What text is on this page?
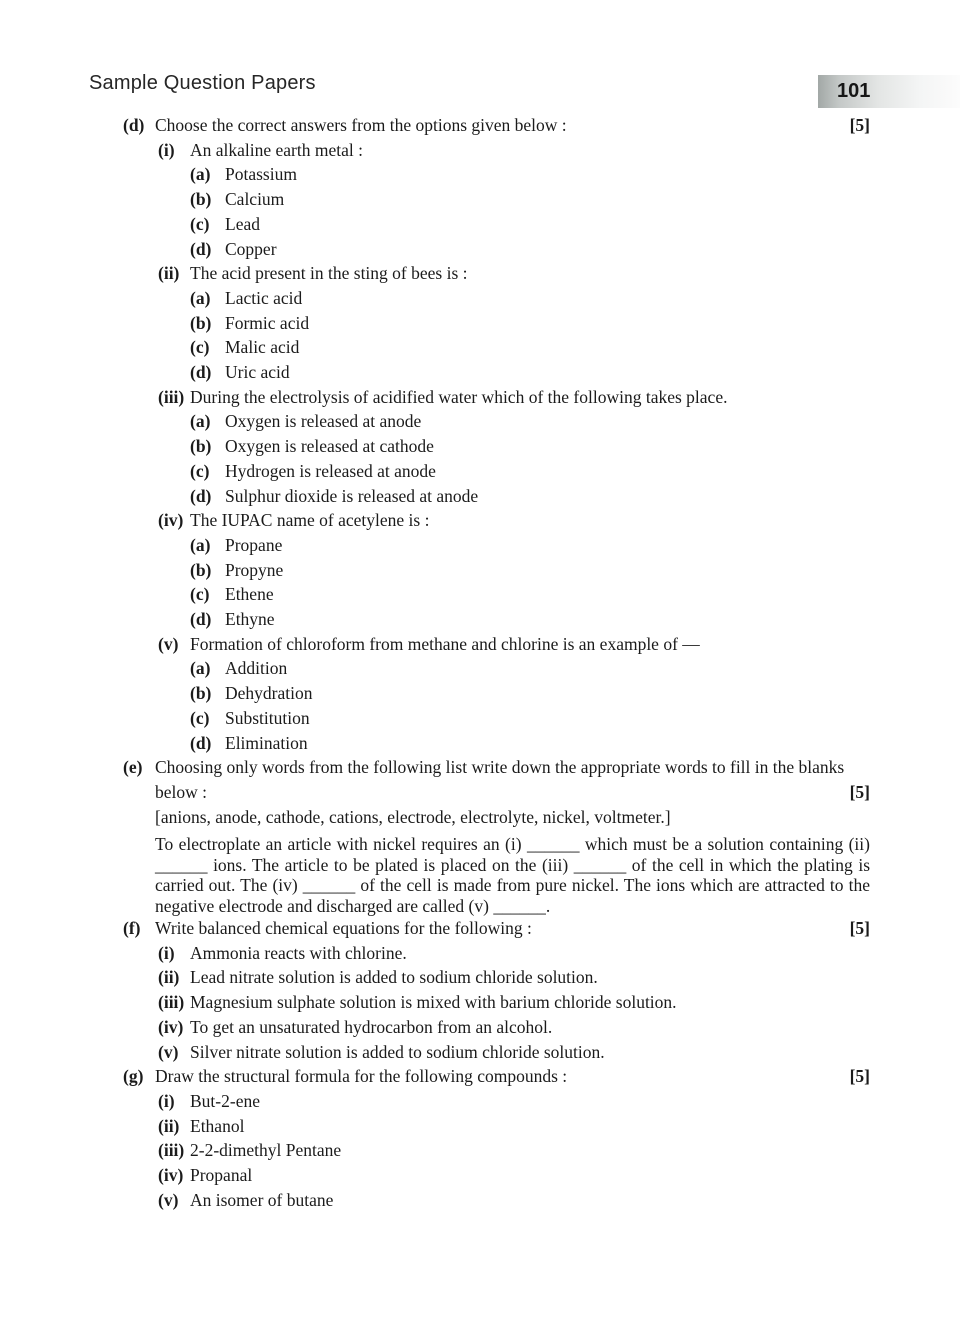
Sample Question Papers	101
(d) Choose the correct answers from the options given below :	[5]
(i) An alkaline earth metal :
(a) Potassium
(b) Calcium
(c) Lead
(d) Copper
(ii) The acid present in the sting of bees is :
(a) Lactic acid
(b) Formic acid
(c) Malic acid
(d) Uric acid
(iii) During the electrolysis of acidified water which of the following takes place.
(a) Oxygen is released at anode
(b) Oxygen is released at cathode
(c) Hydrogen is released at anode
(d) Sulphur dioxide is released at anode
(iv) The IUPAC name of acetylene is :
(a) Propane
(b) Propyne
(c) Ethene
(d) Ethyne
(v) Formation of chloroform from methane and chlorine is an example of —
(a) Addition
(b) Dehydration
(c) Substitution
(d) Elimination
(e) Choosing only words from the following list write down the appropriate words to fill in the blanks below :	[5]
[anions, anode, cathode, cations, electrode, electrolyte, nickel, voltmeter.]

To electroplate an article with nickel requires an (i) ______ which must be a solution containing (ii) ______ ions. The article to be plated is placed on the (iii) ______ of the cell in which the plating is carried out. The (iv) ______ of the cell is made from pure nickel. The ions which are attracted to the negative electrode and discharged are called (v) ______.

(f) Write balanced chemical equations for the following :	[5]
(i) Ammonia reacts with chlorine.
(ii) Lead nitrate solution is added to sodium chloride solution.
(iii) Magnesium sulphate solution is mixed with barium chloride solution.
(iv) To get an unsaturated hydrocarbon from an alcohol.
(v) Silver nitrate solution is added to sodium chloride solution.
(g) Draw the structural formula for the following compounds :	[5]
(i) But-2-ene
(ii) Ethanol
(iii) 2-2-dimethyl Pentane
(iv) Propanal
(v) An isomer of butane
